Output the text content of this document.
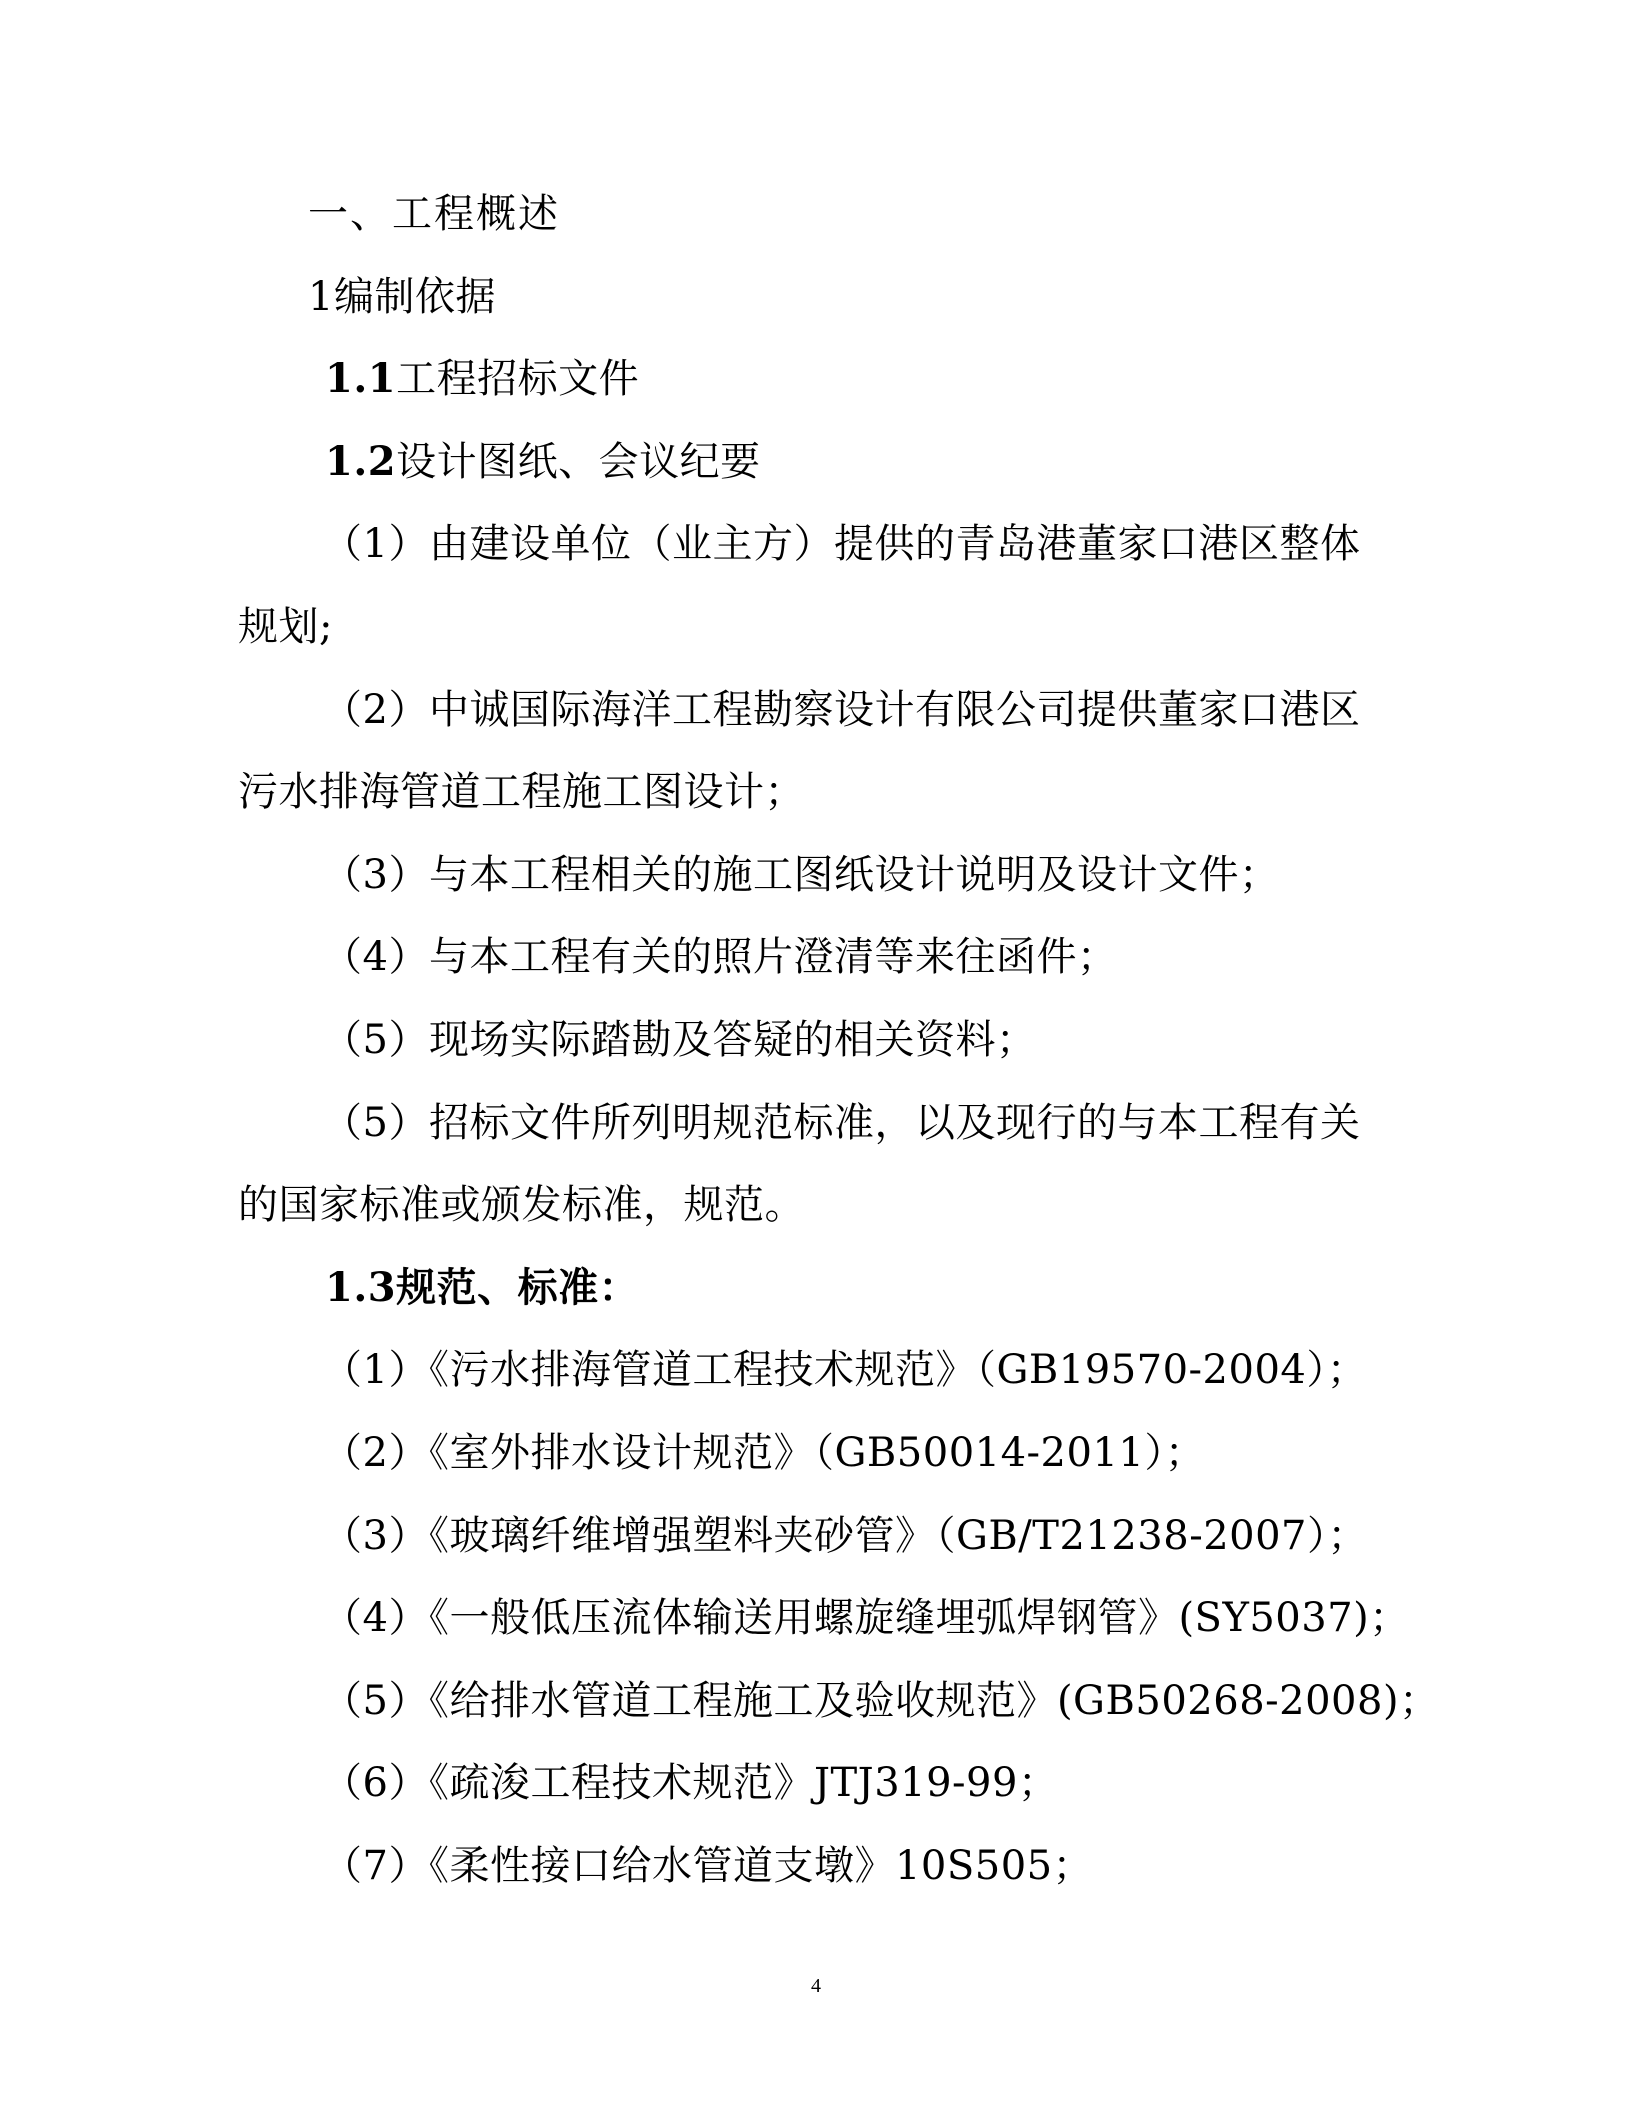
一、工程概述
1编制依据
1.1工程招标文件
1.2设计图纸、会议纪要
（1）由建设单位（业主方）提供的青岛港董家口港区整体
规划;
（2）中诚国际海洋工程勘察设计有限公司提供董家口港区
污水排海管道工程施工图设计；
（3）与本工程相关的施工图纸设计说明及设计文件；
（4）与本工程有关的照片澄清等来往函件；
（5）现场实际踏勘及答疑的相关资料；
（5）招标文件所列明规范标准，以及现行的与本工程有关
的国家标准或颁发标准，规范。
1.3规范、标准：
（1）《污水排海管道工程技术规范》（GB19570-2004）；
（2）《室外排水设计规范》（GB50014-2011）；
（3）《玻璃纤维增强塑料夹砂管》（GB/T21238-2007）；
（4）《一般低压流体输送用螺旋缝埋弧焊钢管》(SY5037)；
（5）《给排水管道工程施工及验收规范》(GB50268-2008)；
（6）《疏浚工程技术规范》JTJ319-99；
（7）《柔性接口给水管道支墩》10S505；
4
